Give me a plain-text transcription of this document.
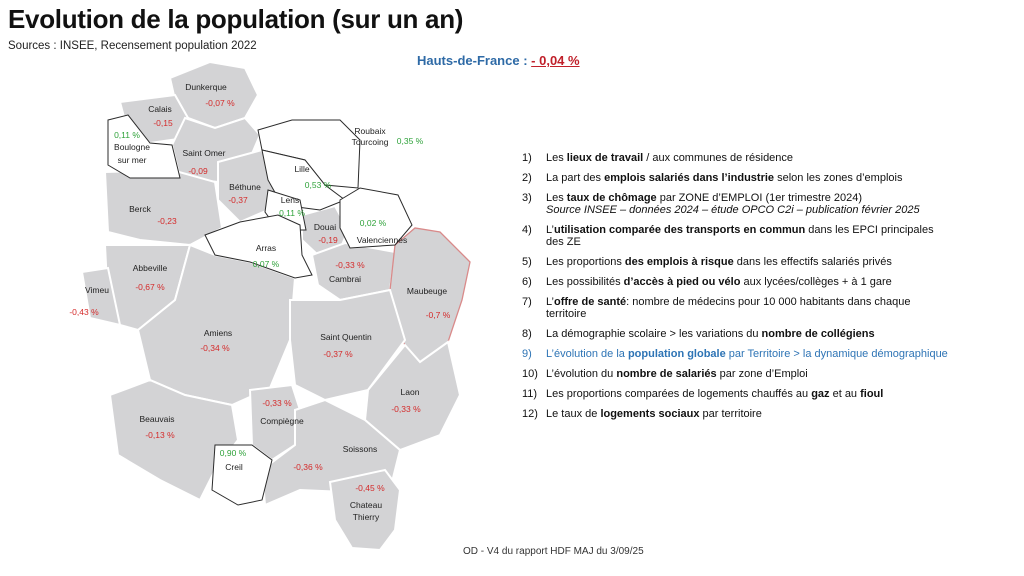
Evolution de la population (sur un an)
Sources : INSEE, Recensement population 2022
Hauts-de-France : - 0,04 %
Dunkerque
-0,07 %
Calais
-0,15
0,11 %
Boulogne
sur mer
Saint Omer
-0,09
Roubaix
Tourcoing 0,35 %
Lille
0,53 %
Béthune
-0,37
Berck
-0,23
Lens
0,11 %
Douai
-0,19
0,02 %
Valenciennes
Arras
0,07 %	-0,33 %
Cambrai
Abbeville
-0,67 %
Vimeu
-0,43 %
Maubeuge
-0,7 %
Amiens
-0,34 %
Saint Quentin
-0,37 %
Laon
-0,33 %
Beauvais
-0,13 %
-0,33 %
Compiègne
0,90 %
Creil
Soissons
-0,36 %
-0,45 %
Chateau
Thierry
1)	Les lieux de travail / aux communes de résidence
2)	La part des emplois salariés dans l’industrie selon les zones d’emplois
3)	Les taux de chômage par ZONE d’EMPLOI (1er trimestre 2024)
Source INSEE – données 2024 – étude OPCO C2i – publication février 2025
4)	L’utilisation comparée des transports en commun dans les EPCI principales des ZE
5)	Les proportions des emplois à risque dans les effectifs salariés privés
6)	Les possibilités d’accès à pied ou vélo aux lycées/collèges + à 1 gare
7)	L’offre de santé: nombre de médecins pour 10 000 habitants dans chaque territoire
8)	La démographie scolaire > les variations du nombre de collégiens
9)	L’évolution de la population globale par Territoire > la dynamique démographique
10) L’évolution du nombre de salariés par zone d’Emploi
11) Les proportions comparées de logements chauffés au gaz et au fioul
12) Le taux de logements sociaux par territoire
OD - V4 du rapport HDF MAJ du 3/09/25
